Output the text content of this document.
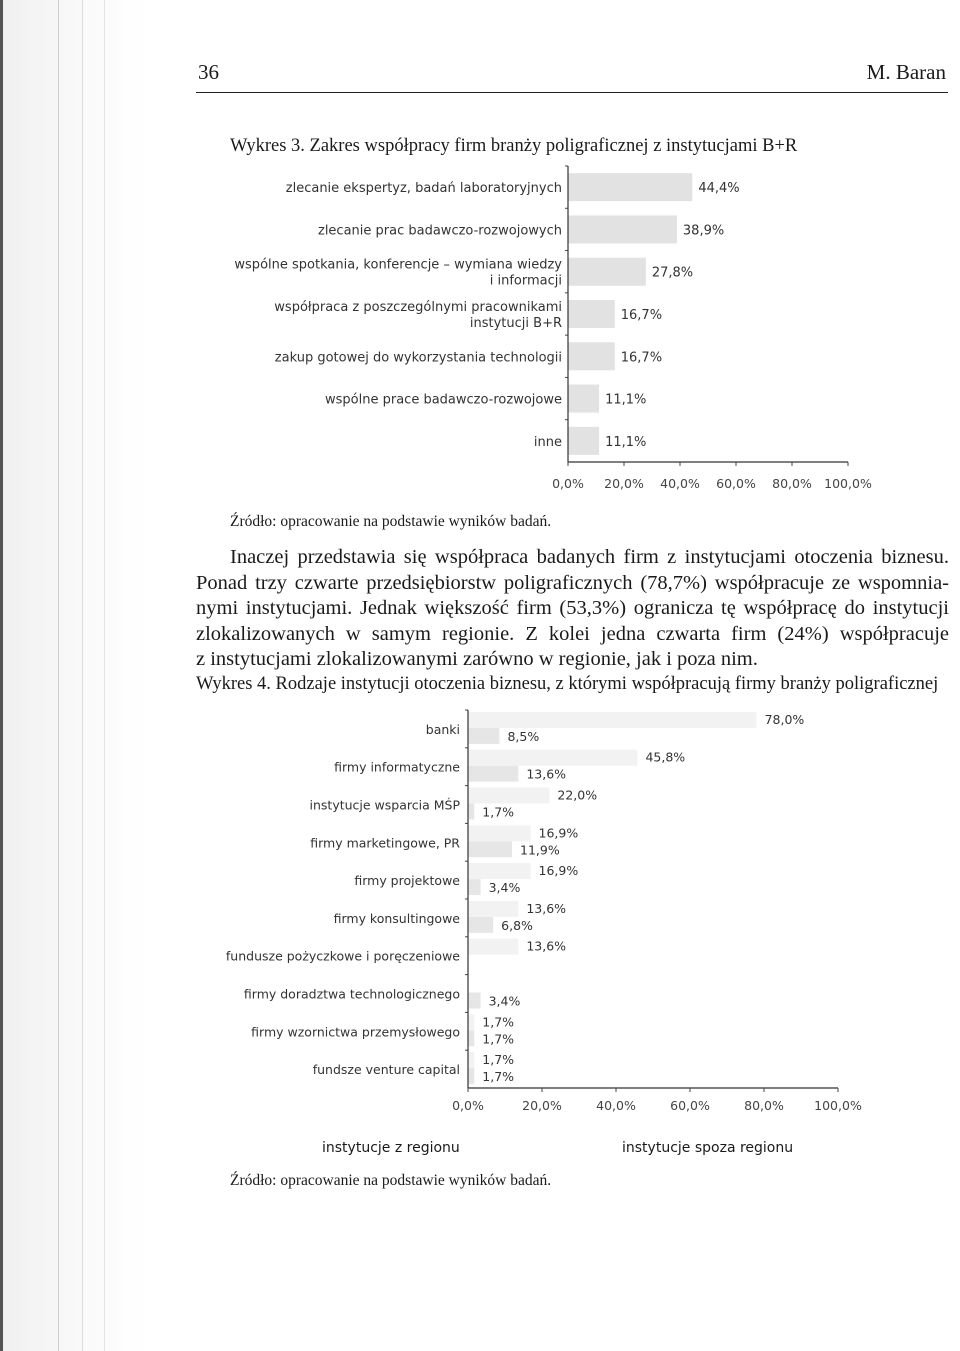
36	M. Baran
Wykres 3. Zakres współpracy firm branży poligraficznej z instytucjami B+R
44,4%
zlecanie ekspertyz, badań laboratoryjnych
38,9%
zlecanie prac badawczo-rozwojowych
27,8%
wspólne spotkania, konferencje – wymiana wiedzy
i informacji
16,7%
współpraca z poszczególnymi pracownikami
instytucji B+R
16,7%
zakup gotowej do wykorzystania technologii
11,1%
wspólne prace badawczo-rozwojowe
11,1%
inne
0,0% 20,0% 40,0% 60,0% 80,0% 100,0%
Źródło: opracowanie na podstawie wyników badań.
Inaczej przedstawia się współpraca badanych firm z instytucjami otoczenia biznesu.
Ponad trzy czwarte przedsiębiorstw poligraficznych (78,7%) współpracuje ze wspomnia-
nymi instytucjami. Jednak większość firm (53,3%) ogranicza tę współpracę do instytucji
zlokalizowanych w samym regionie. Z kolei jedna czwarta firm (24%) współpracuje
z instytucjami zlokalizowanymi zarówno w regionie, jak i poza nim.
Wykres 4. Rodzaje instytucji otoczenia biznesu, z którymi współpracują firmy branży poligraficznej
8,5%
78,0%
banki
13,6%
45,8%
firmy informatyczne
1,7%
22,0%
instytucje wsparcia MŚP
11,9%
16,9%
firmy marketingowe, PR
3,4%
16,9%
firmy projektowe
6,8%
13,6%
firmy konsultingowe
13,6%
fundusze pożyczkowe i poręczeniowe
3,4%
firmy doradztwa technologicznego
1,7%
1,7%
firmy wzornictwa przemysłowego
1,7%
1,7%
fundsze venture capital
0,0%	20,0%	40,0%	60,0%	80,0% 100,0%
instytucje z regionu	instytucje spoza regionu
Źródło: opracowanie na podstawie wyników badań.
